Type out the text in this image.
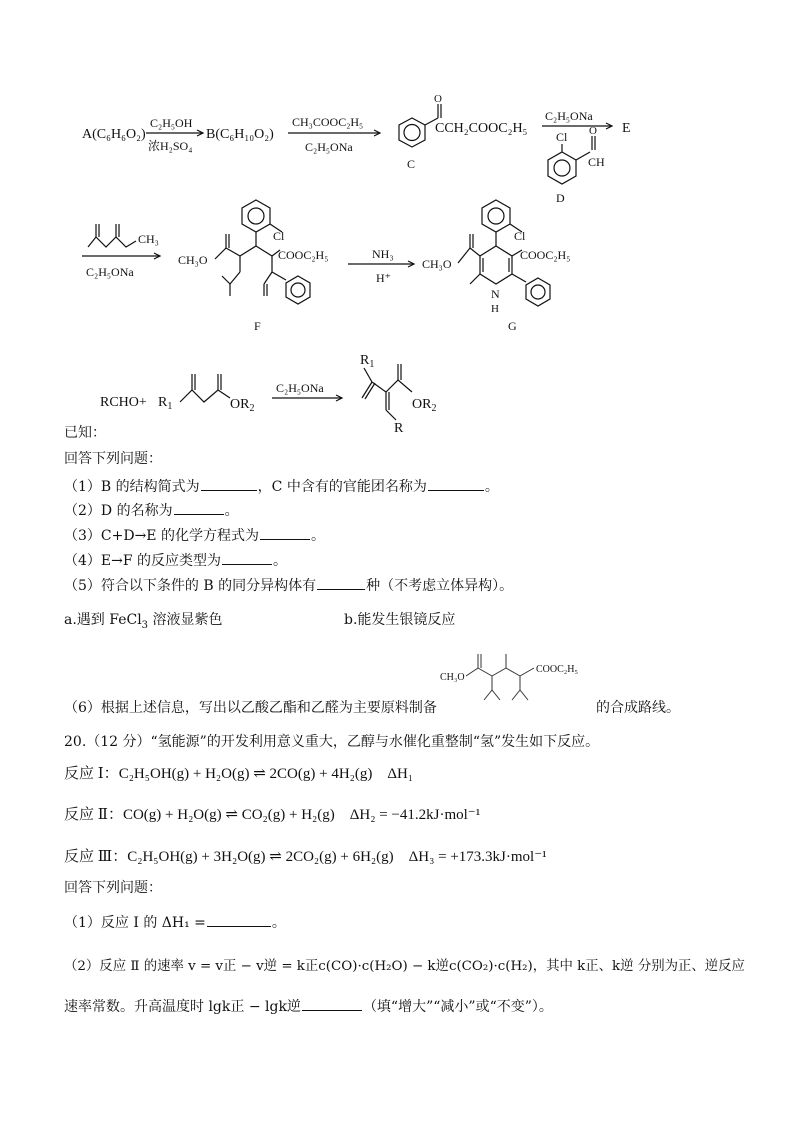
A(C₆H₆O₂)
C₂H₅OH
浓H₂SO₄
B(C₆H₁₀O₂)
CH₃COOC₂H₅
C₂H₅ONa
O
CCH₂COOC₂H₅
C
C₂H₅ONa
E
Cl
CH
O
D
CH₃
C₂H₅ONa
Cl
CH₃O	COOC₂H₅
F
NH₃
H⁺
Cl
CH₃O
COOC₂H₅
N
H
G
RCHO+ $R_1$	$OR_2$
C₂H₅ONa
$R_1$
$OR_2$
R
已知：
回答下列问题：
（1）B 的结构简式为	，C 中含有的官能团名称为	。
（2）D 的名称为	。
（3）C+D→E 的化学方程式为	。
（4）E→F 的反应类型为	。
（5）符合以下条件的 B 的同分异构体有	种（不考虑立体异构）。
a.遇到 FeCl$_3$ 溶液显紫色	b.能发生银镜反应
CH₃O
COOC₂H₅
（6）根据上述信息，写出以乙酸乙酯和乙醛为主要原料制备	的合成路线。
20.（12 分）“氢能源”的开发利用意义重大，乙醇与水催化重整制“氢”发生如下反应。
反应 Ⅰ：C₂H₅OH(g) + H₂O(g) ⇌ 2CO(g) + 4H₂(g) ΔH₁
反应 Ⅱ：CO(g) + H₂O(g) ⇌ CO₂(g) + H₂(g) ΔH₂ = −41.2kJ·mol⁻¹
反应 Ⅲ：C₂H₅OH(g) + 3H₂O(g) ⇌ 2CO₂(g) + 6H₂(g) ΔH₃ = +173.3kJ·mol⁻¹
回答下列问题：
（1）反应 Ⅰ 的 ΔH₁ =	。
（2）反应 Ⅱ 的速率 v = v正 − v逆 = k正c(CO)·c(H₂O) − k逆c(CO₂)·c(H₂)，其中 k正、k逆 分别为正、逆反应
速率常数。升高温度时 lgk正 − lgk逆	（填“增大”“减小”或“不变”）。
